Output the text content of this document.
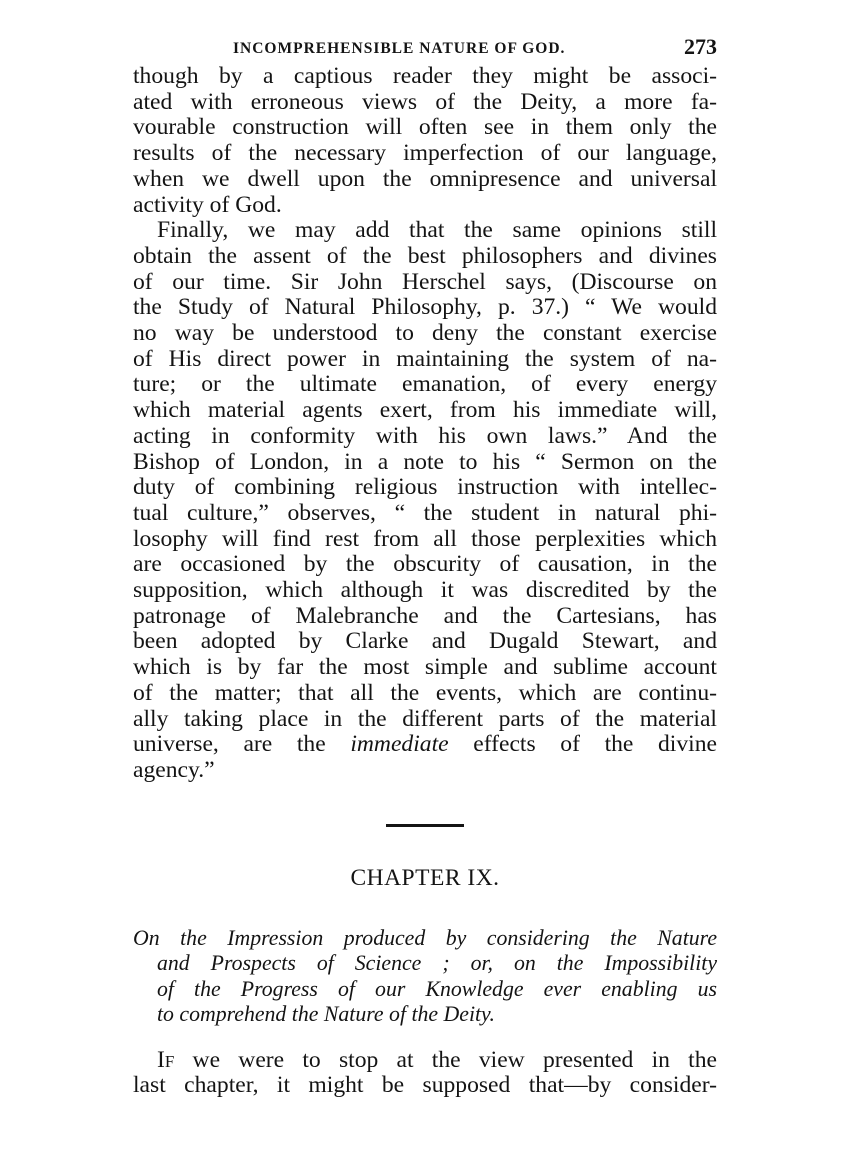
INCOMPREHENSIBLE NATURE OF GOD.	273

though by a captious reader they might be associ-
ated with erroneous views of the Deity, a more fa-
vourable construction will often see in them only the
results of the necessary imperfection of our language,
when we dwell upon the omnipresence and universal
activity of God.

Finally, we may add that the same opinions still
obtain the assent of the best philosophers and divines
of our time. Sir John Herschel says, (Discourse on
the Study of Natural Philosophy, p. 37.) “ We would
no way be understood to deny the constant exercise
of His direct power in maintaining the system of na-
ture; or the ultimate emanation, of every energy
which material agents exert, from his immediate will,
acting in conformity with his own laws.” And the
Bishop of London, in a note to his “ Sermon on the
duty of combining religious instruction with intellec-
tual culture,” observes, “ the student in natural phi-
losophy will find rest from all those perplexities which
are occasioned by the obscurity of causation, in the
supposition, which although it was discredited by the
patronage of Malebranche and the Cartesians, has
been adopted by Clarke and Dugald Stewart, and
which is by far the most simple and sublime account
of the matter; that all the events, which are continu-
ally taking place in the different parts of the material
universe, are the immediate effects of the divine
agency.”

CHAPTER IX.
On the Impression produced by considering the Nature
and Prospects of Science ; or, on the Impossibility
of the Progress of our Knowledge ever enabling us
to comprehend the Nature of the Deity.

If we were to stop at the view presented in the
last chapter, it might be supposed that—by consider-
